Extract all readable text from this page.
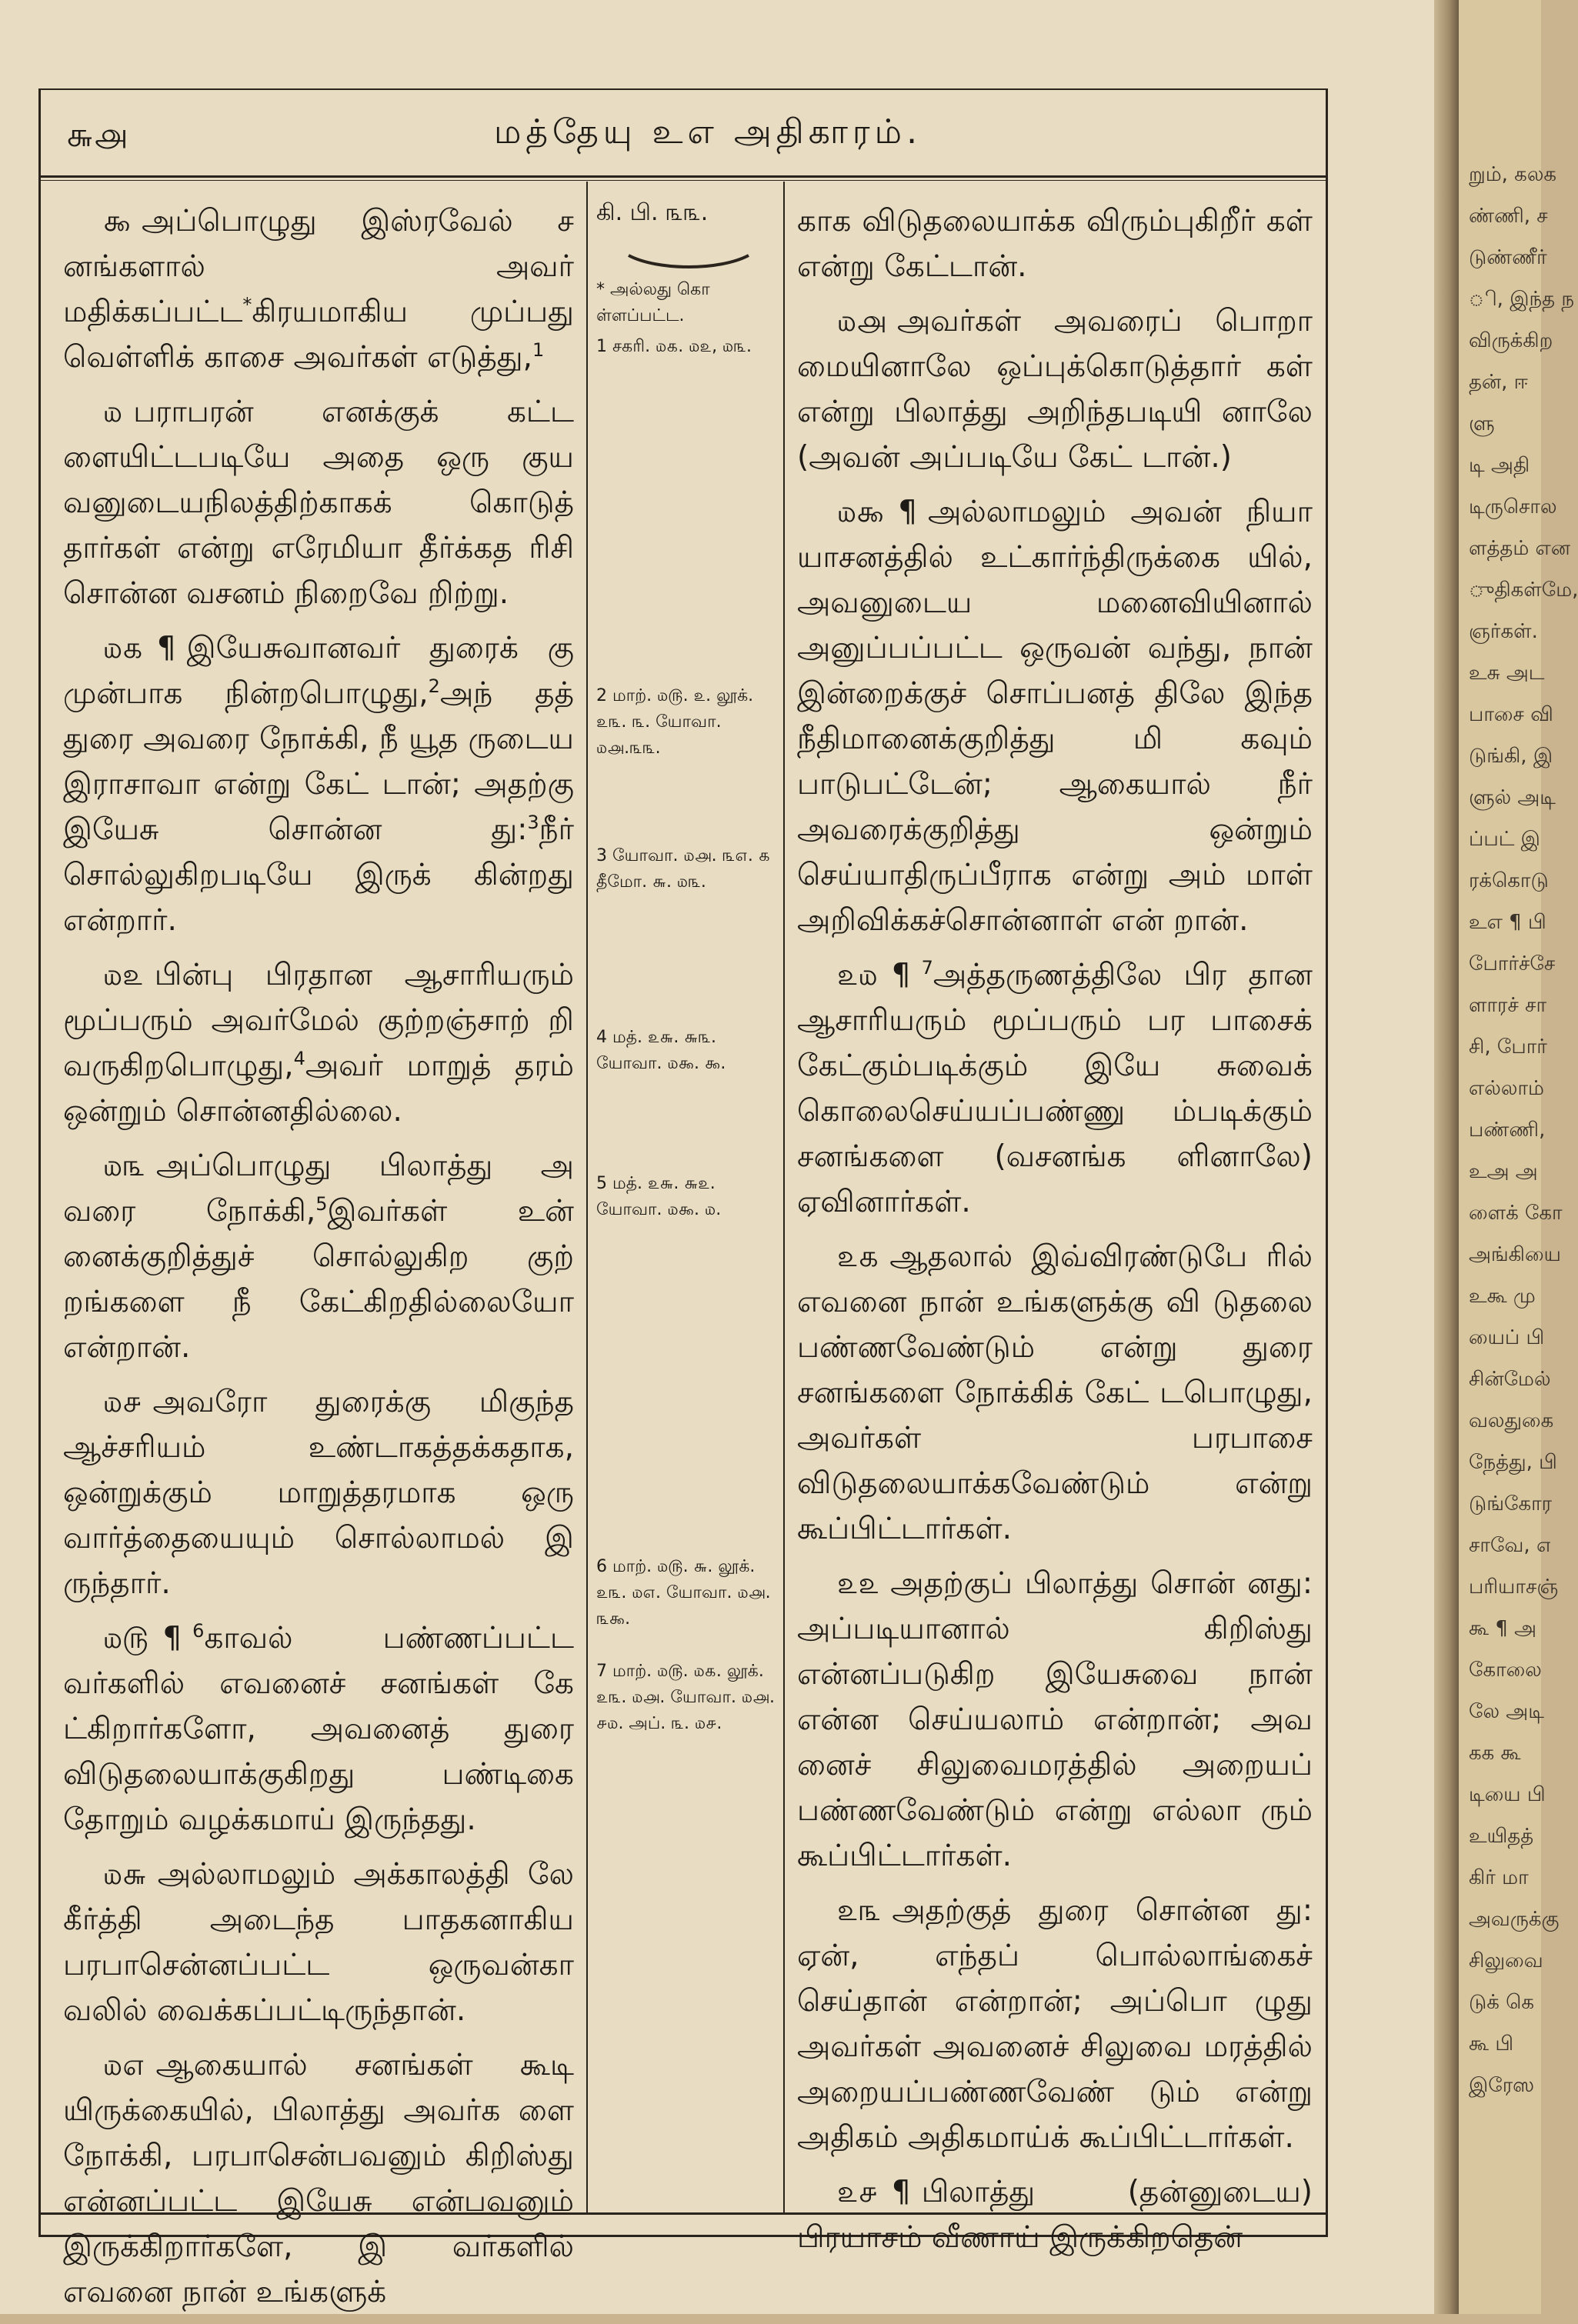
றும், கலக
ண்ணி, ச
டுண்ணீர்
ி, இந்த ந
விருக்கிற
தன், ஈ
ளு
டி அதி
டிருசொல
ளத்தம் என
ுதிகள்மே,
ஞர்கள்.
உசு அட
பாசை வி
டுங்கி, இ
ளுல் அடி
ப்பட் இ
ரக்கொடு
உஎ ¶ பி
போர்ச்சே
ளாரச் சா
சி, போர்
எல்லாம்
பண்ணி,
உஅ அ
ளைக் கோ
அங்கியை
உகூ மு
யைப் பி
சின்மேல்
வலதுகை
நேத்து, பி
டுங்கோர
சாவே, ௭
பரியாசஞ்
கூ ¶ அ
கோலை
லே அடி
கக கூ
டியை பி
உயிதத்
கிர் மா
அவருக்கு
சிலுவை
டுக் கெ
கூ பி
இரேஸ
௬௮	மத்தேயு உஎ அதிகாரம்.

௯ அப்பொழுது இஸ்ரவேல் ச னங்களால் அவர் மதிக்கப்பட்ட*கிரயமாகிய முப்பது வெள்ளிக் காசை அவர்கள் எடுத்து,$^1$

௰ பராபரன் எனக்குக் கட்ட ளையிட்டபடியே அதை ஒரு குய வனுடையநிலத்திற்காகக் கொடுத் தார்கள் என்று எரேமியா தீர்க்கத ரிசி சொன்ன வசனம் நிறைவே றிற்று.

௰௧ ¶ இயேசுவானவர் துரைக் கு முன்பாக நின்றபொழுது,$^2$அந் தத் துரை அவரை நோக்கி, நீ யூத ருடைய இராசாவா என்று கேட் டான்; அதற்கு இயேசு சொன்ன து:$^3$நீர் சொல்லுகிறபடியே இருக் கின்றது என்றார்.

௰௨ பின்பு பிரதான ஆசாரியரும் மூப்பரும் அவர்மேல் குற்றஞ்சாற் றி வருகிறபொழுது,$^4$அவர் மாறுத் தரம் ஒன்றும் சொன்னதில்லை.

௰௩ அப்பொழுது பிலாத்து அ வரை நோக்கி,$^5$இவர்கள் உன் னைக்குறித்துச் சொல்லுகிற குற் றங்களை நீ கேட்கிறதில்லையோ என்றான்.

௰௪ அவரோ துரைக்கு மிகுந்த ஆச்சரியம் உண்டாகத்தக்கதாக, ஒன்றுக்கும் மாறுத்தரமாக ஒரு வார்த்தையையும் சொல்லாமல் இ ருந்தார்.

௰௫ ¶ $^6$காவல் பண்ணப்பட்ட வர்களில் எவனைச் சனங்கள் கே ட்கிறார்களோ, அவனைத் துரை விடுதலையாக்குகிறது பண்டிகை தோறும் வழக்கமாய் இருந்தது.

௰௬ அல்லாமலும் அக்காலத்தி லே கீர்த்தி அடைந்த பாதகனாகிய பரபாசென்னப்பட்ட ஒருவன்கா வலில் வைக்கப்பட்டிருந்தான்.

௰௭ ஆகையால் சனங்கள் கூடி யிருக்கையில், பிலாத்து அவர்க ளை நோக்கி, பரபாசென்பவனும் கிறிஸ்து என்னப்பட்ட இயேசு என்பவனும் இருக்கிறார்களே, இ வர்களில் எவனை நான் உங்களுக்

கி. பி. ௩௩.
* அல்லது கொ ள்ளப்பட்ட.
1 சகரி. ௰௧. ௰௨, ௰௩.
2 மாற். ௰௫. ௨. லூக். ௨௩. ௩. யோவா. ௰௮.௩௩.
3 யோவா. ௰௮. ௩௭. ௧ தீமோ. ௬. ௰௩.
4 மத். ௨௬. ௬௩. யோவா. ௰௯. ௯.
5 மத். ௨௬. ௬௨. யோவா. ௰௯. ௰.
6 மாற். ௰௫. ௬. லூக். ௨௩. ௰௭. யோவா. ௰௮. ௩௯.
7 மாற். ௰௫. ௰௧. லூக். ௨௩. ௰௮. யோவா. ௰௮. ௪௰. அப். ௩. ௰௪.

காக விடுதலையாக்க விரும்புகிறீர் கள் என்று கேட்டான்.

௰௮ அவர்கள் அவரைப் பொறா மையினாலே ஒப்புக்கொடுத்தார் கள் என்று பிலாத்து அறிந்தபடியி னாலே (அவன் அப்படியே கேட் டான்.)

௰௯ ¶ அல்லாமலும் அவன் நியா யாசனத்தில் உட்கார்ந்திருக்கை யில், அவனுடைய மனைவியினால் அனுப்பப்பட்ட ஒருவன் வந்து, நான் இன்றைக்குச் சொப்பனத் திலே இந்த நீதிமானைக்குறித்து மி கவும் பாடுபட்டேன்; ஆகையால் நீர் அவரைக்குறித்து ஒன்றும் செய்யாதிருப்பீராக என்று அம் மாள் அறிவிக்கச்சொன்னாள் என் றான்.

௨௰ ¶ $^7$அத்தருணத்திலே பிர தான ஆசாரியரும் மூப்பரும் பர பாசைக் கேட்கும்படிக்கும் இயே சுவைக் கொலைசெய்யப்பண்ணு ம்படிக்கும் சனங்களை (வசனங்க ளினாலே) ஏவினார்கள்.

௨௧ ஆதலால் இவ்விரண்டுபே ரில் எவனை நான் உங்களுக்கு வி டுதலை பண்ணவேண்டும் என்று துரை சனங்களை நோக்கிக் கேட் டபொழுது, அவர்கள் பரபாசை விடுதலையாக்கவேண்டும் என்று கூப்பிட்டார்கள்.

௨௨ அதற்குப் பிலாத்து சொன் னது: அப்படியானால் கிறிஸ்து என்னப்படுகிற இயேசுவை நான் என்ன செய்யலாம் என்றான்; அவ னைச் சிலுவைமரத்தில் அறையப் பண்ணவேண்டும் என்று எல்லா ரும் கூப்பிட்டார்கள்.

௨௩ அதற்குத் துரை சொன்ன து: ஏன், எந்தப் பொல்லாங்கைச் செய்தான் என்றான்; அப்பொ ழுது அவர்கள் அவனைச் சிலுவை மரத்தில் அறையப்பண்ணவேண் டும் என்று அதிகம் அதிகமாய்க் கூப்பிட்டார்கள்.

௨௪ ¶ பிலாத்து (தன்னுடைய) பிரயாசம் வீணாய் இருக்கிறதென்
